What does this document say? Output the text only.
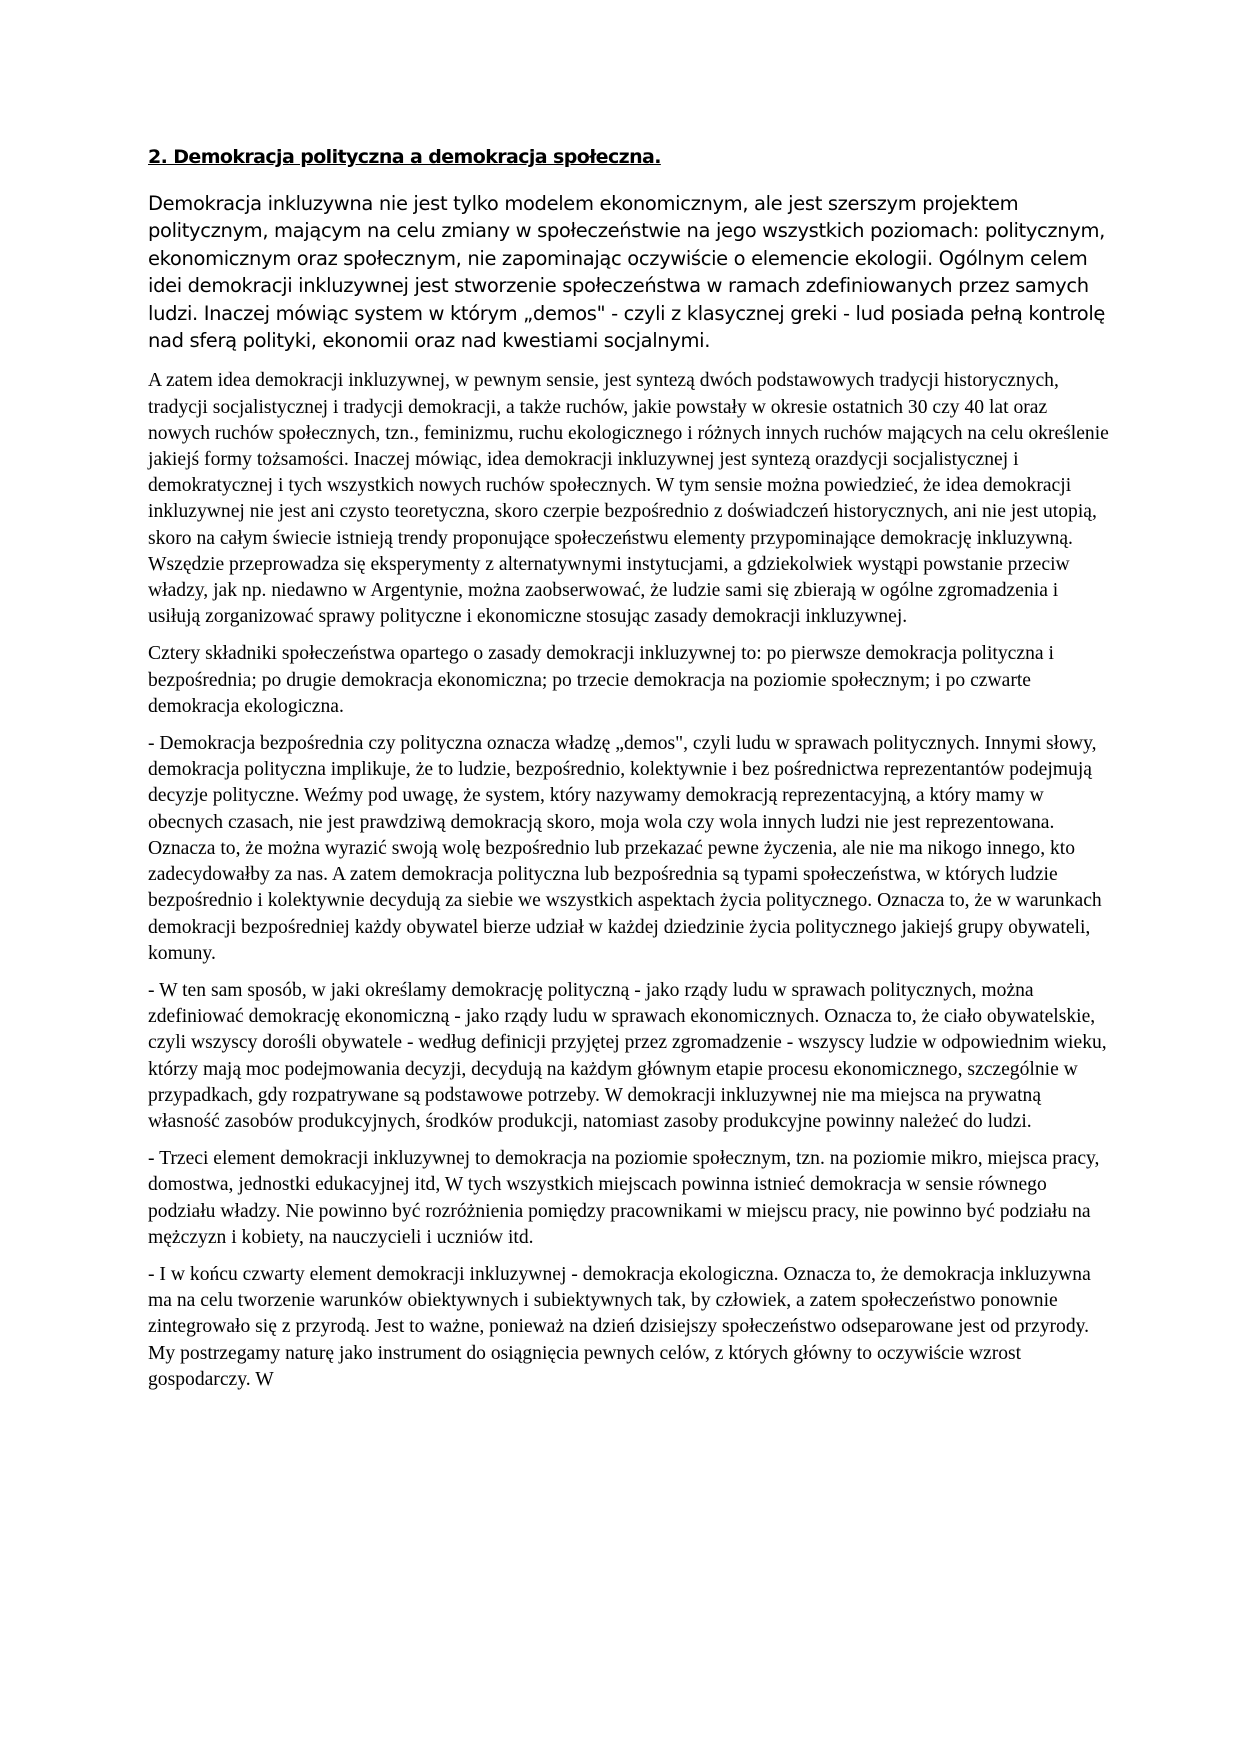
2. Demokracja polityczna a demokracja społeczna.

Demokracja inkluzywna nie jest tylko modelem ekonomicznym, ale jest szerszym projektem politycznym, mającym na celu zmiany w społeczeństwie na jego wszystkich poziomach: politycznym, ekonomicznym oraz społecznym, nie zapominając oczywiście o elemencie ekologii. Ogólnym celem idei demokracji inkluzywnej jest stworzenie społeczeństwa w ramach zdefiniowanych przez samych ludzi. Inaczej mówiąc system w którym „demos" - czyli z klasycznej greki - lud posiada pełną kontrolę nad sferą polityki, ekonomii oraz nad kwestiami socjalnymi.

A zatem idea demokracji inkluzywnej, w pewnym sensie, jest syntezą dwóch podstawowych tradycji historycznych, tradycji socjalistycznej i tradycji demokracji, a także ruchów, jakie powstały w okresie ostatnich 30 czy 40 lat oraz nowych ruchów społecznych, tzn., feminizmu, ruchu ekologicznego i różnych innych ruchów mających na celu określenie jakiejś formy tożsamości. Inaczej mówiąc, idea demokracji inkluzywnej jest syntezą orazdycji socjalistycznej i demokratycznej i tych wszystkich nowych ruchów społecznych. W tym sensie można powiedzieć, że idea demokracji inkluzywnej nie jest ani czysto teoretyczna, skoro czerpie bezpośrednio z doświadczeń historycznych, ani nie jest utopią, skoro na całym świecie istnieją trendy proponujące społeczeństwu elementy przypominające demokrację inkluzywną. Wszędzie przeprowadza się eksperymenty z alternatywnymi instytucjami, a gdziekolwiek wystąpi powstanie przeciw władzy, jak np. niedawno w Argentynie, można zaobserwować, że ludzie sami się zbierają w ogólne zgromadzenia i usiłują zorganizować sprawy polityczne i ekonomiczne stosując zasady demokracji inkluzywnej.

Cztery składniki społeczeństwa opartego o zasady demokracji inkluzywnej to: po pierwsze demokracja polityczna i bezpośrednia; po drugie demokracja ekonomiczna; po trzecie demokracja na poziomie społecznym; i po czwarte demokracja ekologiczna.

- Demokracja bezpośrednia czy polityczna oznacza władzę „demos", czyli ludu w sprawach politycznych. Innymi słowy, demokracja polityczna implikuje, że to ludzie, bezpośrednio, kolektywnie i bez pośrednictwa reprezentantów podejmują decyzje polityczne. Weźmy pod uwagę, że system, który nazywamy demokracją reprezentacyjną, a który mamy w obecnych czasach, nie jest prawdziwą demokracją skoro, moja wola czy wola innych ludzi nie jest reprezentowana. Oznacza to, że można wyrazić swoją wolę bezpośrednio lub przekazać pewne życzenia, ale nie ma nikogo innego, kto zadecydowałby za nas. A zatem demokracja polityczna lub bezpośrednia są typami społeczeństwa, w których ludzie bezpośrednio i kolektywnie decydują za siebie we wszystkich aspektach życia politycznego. Oznacza to, że w warunkach demokracji bezpośredniej każdy obywatel bierze udział w każdej dziedzinie życia politycznego jakiejś grupy obywateli, komuny.

- W ten sam sposób, w jaki określamy demokrację polityczną - jako rządy ludu w sprawach politycznych, można zdefiniować demokrację ekonomiczną - jako rządy ludu w sprawach ekonomicznych. Oznacza to, że ciało obywatelskie, czyli wszyscy dorośli obywatele - według definicji przyjętej przez zgromadzenie - wszyscy ludzie w odpowiednim wieku, którzy mają moc podejmowania decyzji, decydują na każdym głównym etapie procesu ekonomicznego, szczególnie w przypadkach, gdy rozpatrywane są podstawowe potrzeby. W demokracji inkluzywnej nie ma miejsca na prywatną własność zasobów produkcyjnych, środków produkcji, natomiast zasoby produkcyjne powinny należeć do ludzi.

- Trzeci element demokracji inkluzywnej to demokracja na poziomie społecznym, tzn. na poziomie mikro, miejsca pracy, domostwa, jednostki edukacyjnej itd, W tych wszystkich miejscach powinna istnieć demokracja w sensie równego podziału władzy. Nie powinno być rozróżnienia pomiędzy pracownikami w miejscu pracy, nie powinno być podziału na mężczyzn i kobiety, na nauczycieli i uczniów itd.

- I w końcu czwarty element demokracji inkluzywnej - demokracja ekologiczna. Oznacza to, że demokracja inkluzywna ma na celu tworzenie warunków obiektywnych i subiektywnych tak, by człowiek, a zatem społeczeństwo ponownie zintegrowało się z przyrodą. Jest to ważne, ponieważ na dzień dzisiejszy społeczeństwo odseparowane jest od przyrody. My postrzegamy naturę jako instrument do osiągnięcia pewnych celów, z których główny to oczywiście wzrost gospodarczy. W
